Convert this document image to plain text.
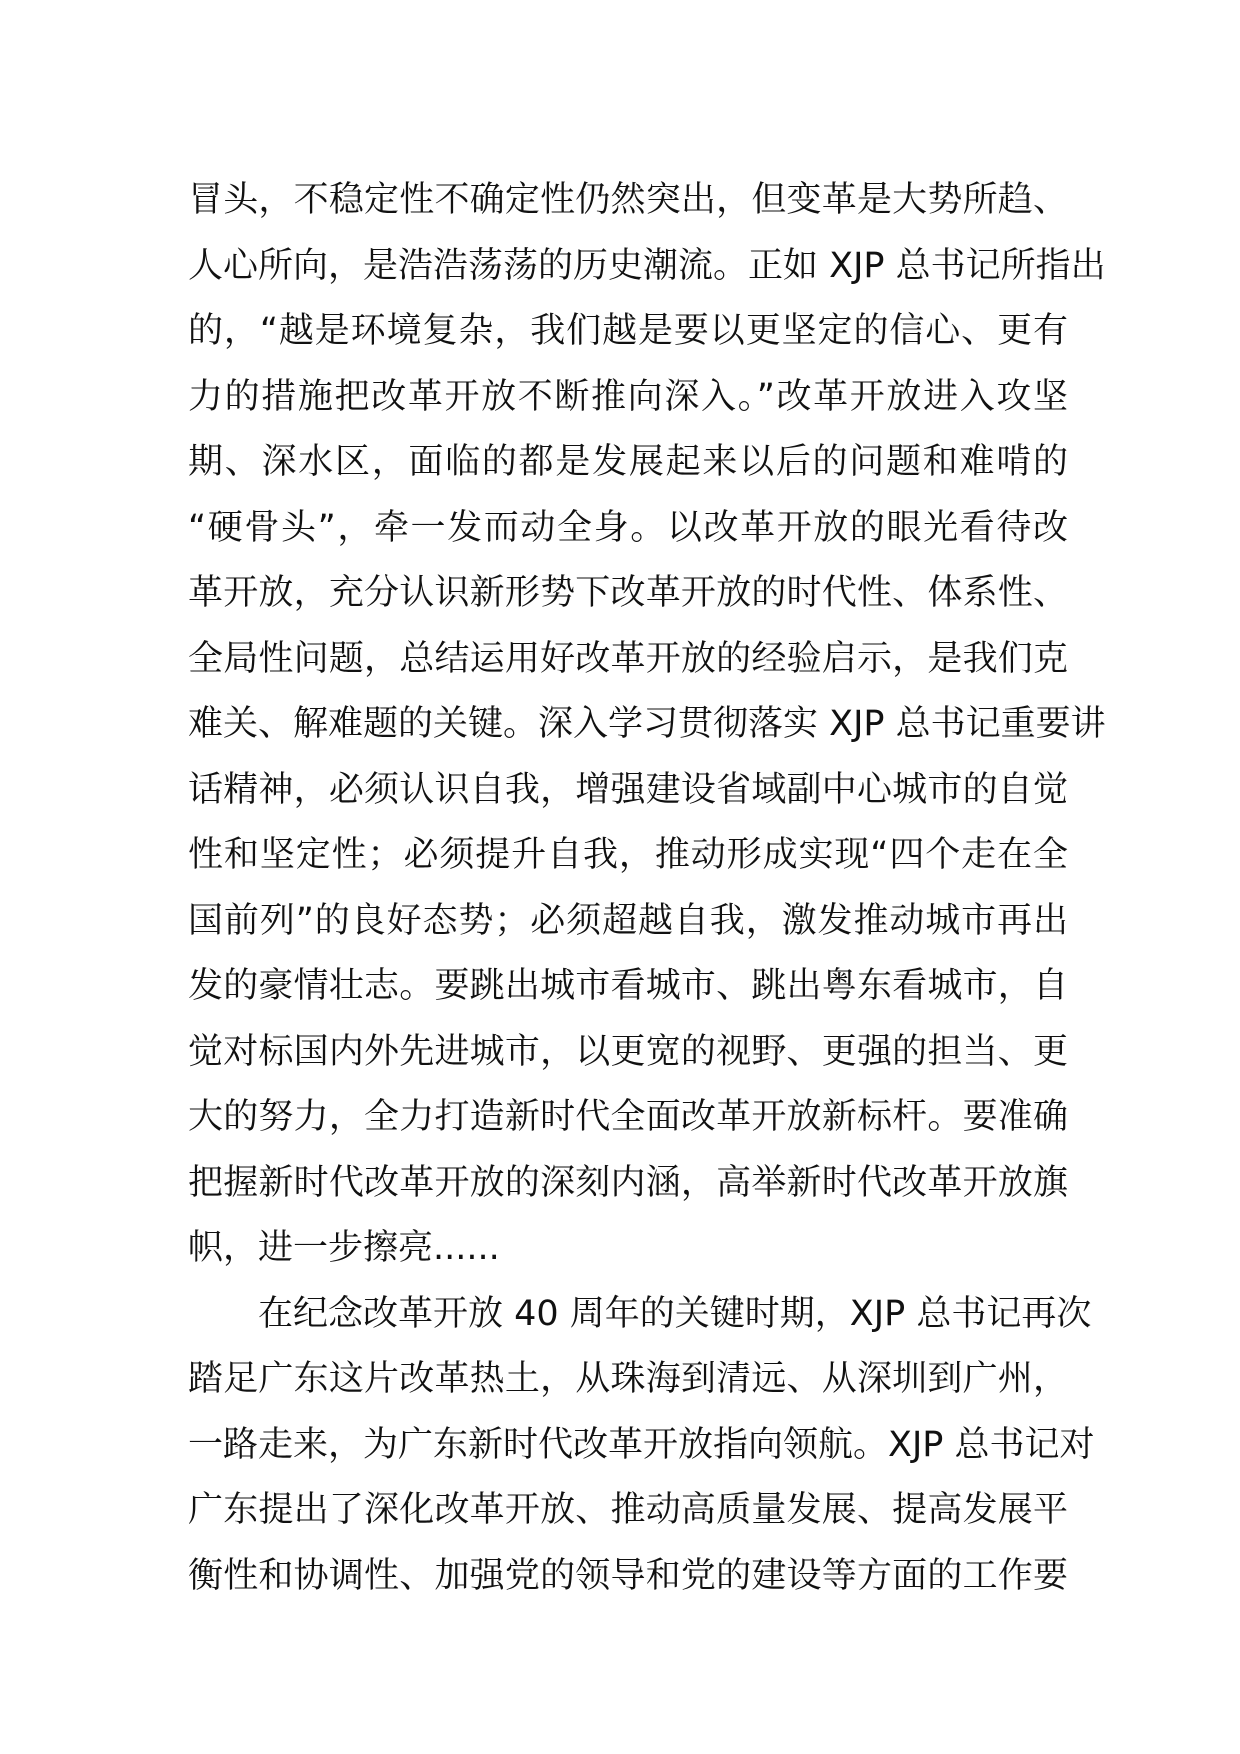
冒头，不稳定性不确定性仍然突出，但变革是大势所趋、
人心所向，是浩浩荡荡的历史潮流。正如 XJP 总书记所指出
的，“越是环境复杂，我们越是要以更坚定的信心、更有
力的措施把改革开放不断推向深入。”改革开放进入攻坚
期、深水区，面临的都是发展起来以后的问题和难啃的
“硬骨头”，牵一发而动全身。以改革开放的眼光看待改
革开放，充分认识新形势下改革开放的时代性、体系性、
全局性问题，总结运用好改革开放的经验启示，是我们克
难关、解难题的关键。深入学习贯彻落实 XJP 总书记重要讲
话精神，必须认识自我，增强建设省域副中心城市的自觉
性和坚定性；必须提升自我，推动形成实现“四个走在全
国前列”的良好态势；必须超越自我，激发推动城市再出
发的豪情壮志。要跳出城市看城市、跳出粤东看城市，自
觉对标国内外先进城市，以更宽的视野、更强的担当、更
大的努力，全力打造新时代全面改革开放新标杆。要准确
把握新时代改革开放的深刻内涵，高举新时代改革开放旗
帜，进一步擦亮......
在纪念改革开放 40 周年的关键时期，XJP 总书记再次
踏足广东这片改革热土，从珠海到清远、从深圳到广州，
一路走来，为广东新时代改革开放指向领航。XJP 总书记对
广东提出了深化改革开放、推动高质量发展、提高发展平
衡性和协调性、加强党的领导和党的建设等方面的工作要
